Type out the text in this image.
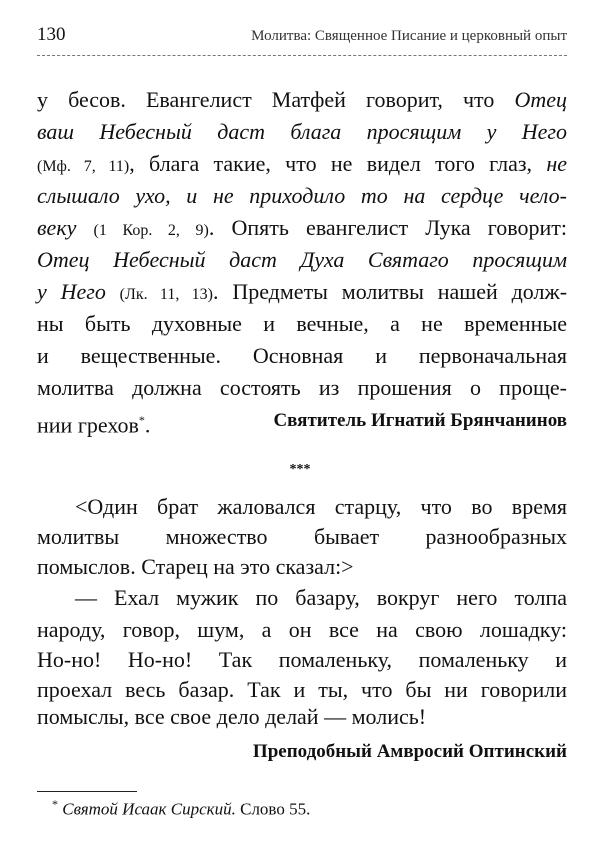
130	Молитва: Священное Писание и церковный опыт
у бесов. Евангелист Матфей говорит, что Отец
ваш Небесный даст блага просящим у Него
(Мф. 7, 11), блага такие, что не видел того глаз, не
слышало ухо, и не приходило то на сердце чело-
веку (1 Кор. 2, 9). Опять евангелист Лука говорит:
Отец Небесный даст Духа Святаго просящим
у Него (Лк. 11, 13). Предметы молитвы нашей долж-
ны быть духовные и вечные, а не временные
и вещественные. Основная и первоначальная
молитва должна состоять из прошения о проще-
нии грехов*.	Святитель Игнатий Брянчанинов
***
<Один брат жаловался старцу, что во время
молитвы множество бывает разнообразных
помыслов. Старец на это сказал:>
— Ехал мужик по базару, вокруг него толпа
народу, говор, шум, а он все на свою лошадку:
Но-но! Но-но! Так помаленьку, помаленьку и
проехал весь базар. Так и ты, что бы ни говорили
помыслы, все свое дело делай — молись!
Преподобный Амвросий Оптинский
* Святой Исаак Сирский. Слово 55.
